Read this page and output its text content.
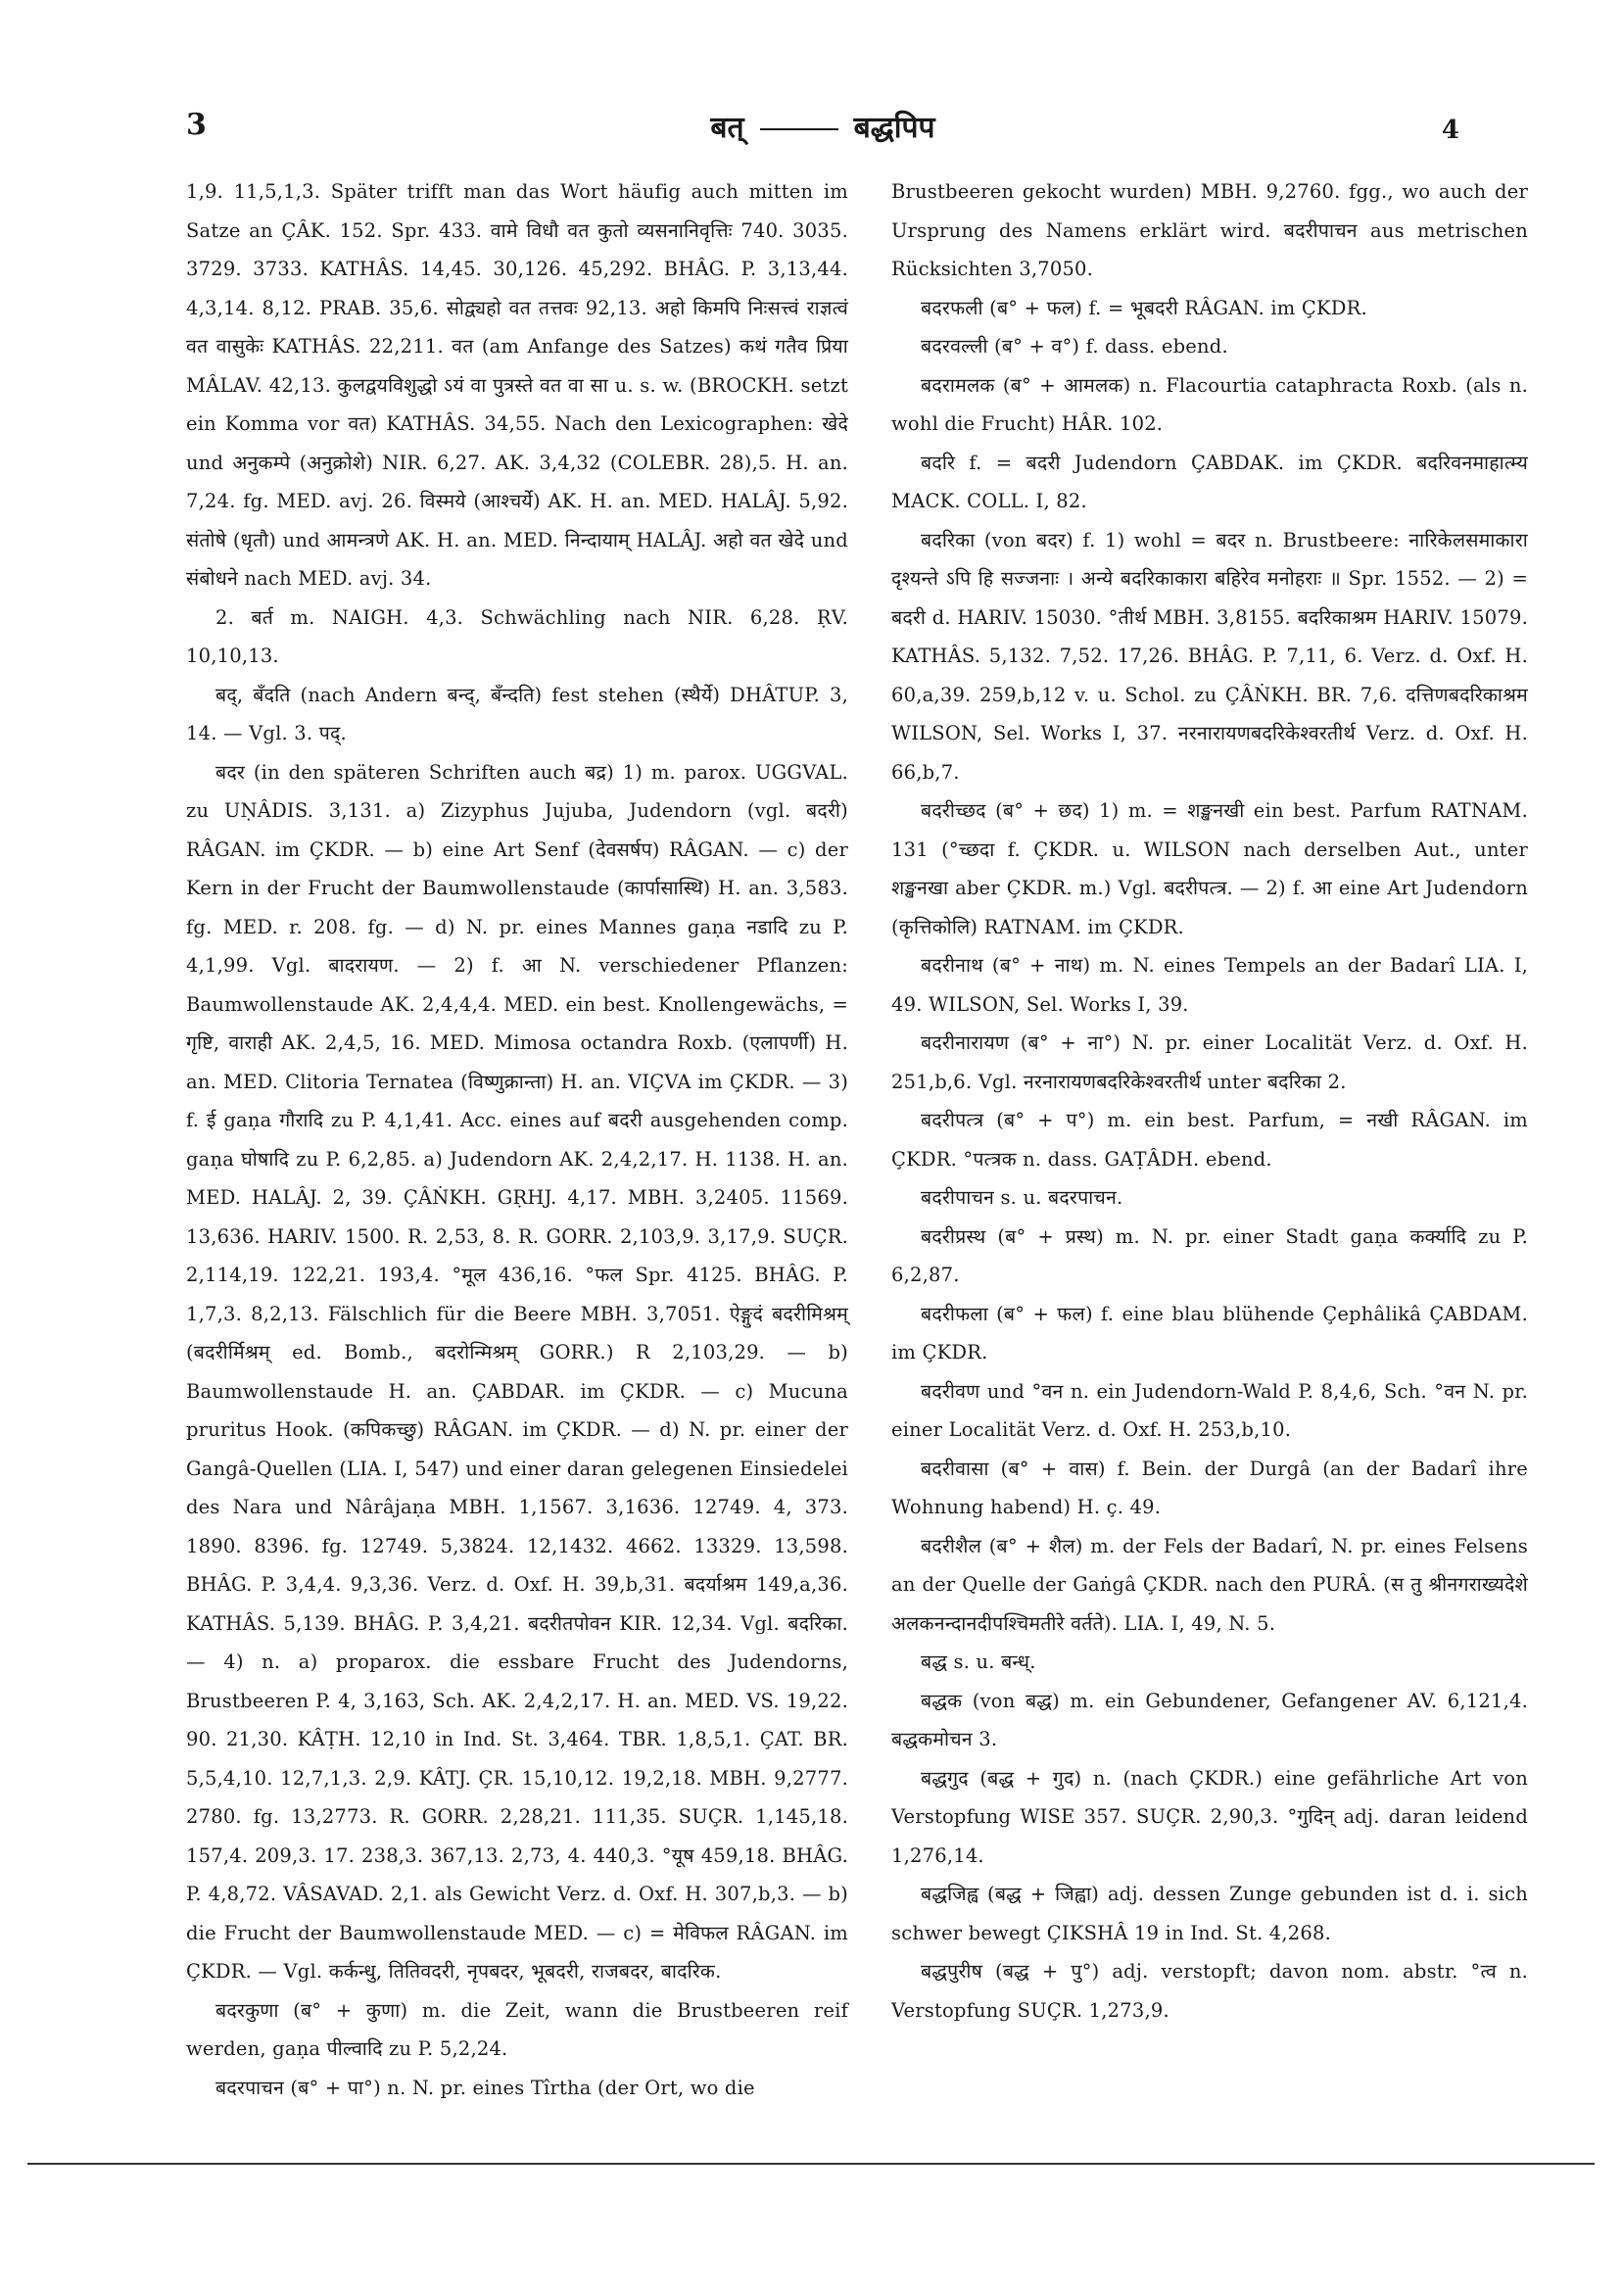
3	बत्	बद्धपिप	4

1,9. 11,5,1,3. Später trifft man das Wort häufig auch mitten im Satze an ÇÂK. 152. Spr. 433. वामे विधौ वत कुतो व्यसनानिवृत्तिः 740. 3035. 3729. 3733. KATHÂS. 14,45. 30,126. 45,292. BHÂG. P. 3,13,44. 4,3,14. 8,12. PRAB. 35,6. सोद्व्यहो वत तत्तवः 92,13. अहो किमपि निःसत्त्वं राज्ञत्वं वत वासुकेः KATHÂS. 22,211. वत (am Anfange des Satzes) कथं गतैव प्रिया MÂLAV. 42,13. कुलद्वयविशुद्धो ऽयं वा पुत्रस्ते वत वा सा u. s. w. (BROCKH. setzt ein Komma vor वत) KATHÂS. 34,55. Nach den Lexicographen: खेदे und अनुकम्पे (अनुक्रोशे) NIR. 6,27. AK. 3,4,32 (COLEBR. 28),5. H. an. 7,24. fg. MED. avj. 26. विस्मये (आश्चर्ये) AK. H. an. MED. HALÂJ. 5,92. संतोषे (धृतौ) und आमन्त्रणे AK. H. an. MED. निन्दायाम् HALÂJ. अहो वत खेदे und संबोधने nach MED. avj. 34.

2. बर्त m. NAIGH. 4,3. Schwächling nach NIR. 6,28. ṚV. 10,10,13.

बद्, बँदति (nach Andern बन्द्, बँन्दति) fest stehen (स्थैर्ये) DHÂTUP. 3, 14. — Vgl. 3. पद्.

बदर (in den späteren Schriften auch बद्र) 1) m. parox. UGGVAL. zu UṆÂDIS. 3,131. a) Zizyphus Jujuba, Judendorn (vgl. बदरी) RÂGAN. im ÇKDR. — b) eine Art Senf (देवसर्षप) RÂGAN. — c) der Kern in der Frucht der Baumwollenstaude (कार्पासास्थि) H. an. 3,583. fg. MED. r. 208. fg. — d) N. pr. eines Mannes gaṇa नडादि zu P. 4,1,99. Vgl. बादरायण. — 2) f. आ N. verschiedener Pflanzen: Baumwollenstaude AK. 2,4,4,4. MED. ein best. Knollengewächs, = गृष्टि, वाराही AK. 2,4,5, 16. MED. Mimosa octandra Roxb. (एलापर्णी) H. an. MED. Clitoria Ternatea (विष्णुक्रान्ता) H. an. VIÇVA im ÇKDR. — 3) f. ई gaṇa गौरादि zu P. 4,1,41. Acc. eines auf बदरी ausgehenden comp. gaṇa घोषादि zu P. 6,2,85. a) Judendorn AK. 2,4,2,17. H. 1138. H. an. MED. HALÂJ. 2, 39. ÇÂṄKH. GṚHJ. 4,17. MBH. 3,2405. 11569. 13,636. HARIV. 1500. R. 2,53, 8. R. GORR. 2,103,9. 3,17,9. SUÇR. 2,114,19. 122,21. 193,4. °मूल 436,16. °फल Spr. 4125. BHÂG. P. 1,7,3. 8,2,13. Fälschlich für die Beere MBH. 3,7051. ऐङ्गुदं बदरीमिश्रम् (बदरीर्मिश्रम् ed. Bomb., बदरोन्मिश्रम् GORR.) R 2,103,29. — b) Baumwollenstaude H. an. ÇABDAR. im ÇKDR. — c) Mucuna pruritus Hook. (कपिकच्छु) RÂGAN. im ÇKDR. — d) N. pr. einer der Gangâ-Quellen (LIA. I, 547) und einer daran gelegenen Einsiedelei des Nara und Nârâjaṇa MBH. 1,1567. 3,1636. 12749. 4, 373. 1890. 8396. fg. 12749. 5,3824. 12,1432. 4662. 13329. 13,598. BHÂG. P. 3,4,4. 9,3,36. Verz. d. Oxf. H. 39,b,31. बदर्याश्रम 149,a,36. KATHÂS. 5,139. BHÂG. P. 3,4,21. बदरीतपोवन KIR. 12,34. Vgl. बदरिका. — 4) n. a) proparox. die essbare Frucht des Judendorns, Brustbeeren P. 4, 3,163, Sch. AK. 2,4,2,17. H. an. MED. VS. 19,22. 90. 21,30. KÂṬH. 12,10 in Ind. St. 3,464. TBR. 1,8,5,1. ÇAT. BR. 5,5,4,10. 12,7,1,3. 2,9. KÂTJ. ÇR. 15,10,12. 19,2,18. MBH. 9,2777. 2780. fg. 13,2773. R. GORR. 2,28,21. 111,35. SUÇR. 1,145,18. 157,4. 209,3. 17. 238,3. 367,13. 2,73, 4. 440,3. °यूष 459,18. BHÂG. P. 4,8,72. VÂSAVAD. 2,1. als Gewicht Verz. d. Oxf. H. 307,b,3. — b) die Frucht der Baumwollenstaude MED. — c) = मेविफल RÂGAN. im ÇKDR. — Vgl. कर्कन्धु, तितिवदरी, नृपबदर, भूबदरी, राजबदर, बादरिक.

बदरकुणा (ब° + कुणा) m. die Zeit, wann die Brustbeeren reif werden, gaṇa पील्वादि zu P. 5,2,24.

बदरपाचन (ब° + पा°) n. N. pr. eines Tîrtha (der Ort, wo die

Brustbeeren gekocht wurden) MBH. 9,2760. fgg., wo auch der Ursprung des Namens erklärt wird. बदरीपाचन aus metrischen Rücksichten 3,7050.

बदरफली (ब° + फल) f. = भूबदरी RÂGAN. im ÇKDR.

बदरवल्ली (ब° + व°) f. dass. ebend.

बदरामलक (ब° + आमलक) n. Flacourtia cataphracta Roxb. (als n. wohl die Frucht) HÂR. 102.

बदरि f. = बदरी Judendorn ÇABDAK. im ÇKDR. बदरिवनमाहात्म्य MACK. COLL. I, 82.

बदरिका (von बदर) f. 1) wohl = बदर n. Brustbeere: नारिकेलसमाकारा दृश्यन्ते ऽपि हि सज्जनाः । अन्ये बदरिकाकारा बहिरेव मनोहराः ॥ Spr. 1552. — 2) = बदरी d. HARIV. 15030. °तीर्थ MBH. 3,8155. बदरिकाश्रम HARIV. 15079. KATHÂS. 5,132. 7,52. 17,26. BHÂG. P. 7,11, 6. Verz. d. Oxf. H. 60,a,39. 259,b,12 v. u. Schol. zu ÇÂṄKH. BR. 7,6. दत्तिणबदरिकाश्रम WILSON, Sel. Works I, 37. नरनारायणबदरिकेश्वरतीर्थ Verz. d. Oxf. H. 66,b,7.

बदरीच्छद (ब° + छद) 1) m. = शङ्खनखी ein best. Parfum RATNAM. 131 (°च्छदा f. ÇKDR. u. WILSON nach derselben Aut., unter शङ्खनखा aber ÇKDR. m.) Vgl. बदरीपत्त्र. — 2) f. आ eine Art Judendorn (कृत्तिकोलि) RATNAM. im ÇKDR.

बदरीनाथ (ब° + नाथ) m. N. eines Tempels an der Badarî LIA. I, 49. WILSON, Sel. Works I, 39.

बदरीनारायण (ब° + ना°) N. pr. einer Localität Verz. d. Oxf. H. 251,b,6. Vgl. नरनारायणबदरिकेश्वरतीर्थ unter बदरिका 2.

बदरीपत्त्र (ब° + प°) m. ein best. Parfum, = नखी RÂGAN. im ÇKDR. °पत्त्रक n. dass. GAṬÂDH. ebend.

बदरीपाचन s. u. बदरपाचन.

बदरीप्रस्थ (ब° + प्रस्थ) m. N. pr. einer Stadt gaṇa कर्क्यादि zu P. 6,2,87.

बदरीफला (ब° + फल) f. eine blau blühende Çephâlikâ ÇABDAM. im ÇKDR.

बदरीवण und °वन n. ein Judendorn-Wald P. 8,4,6, Sch. °वन N. pr. einer Localität Verz. d. Oxf. H. 253,b,10.

बदरीवासा (ब° + वास) f. Bein. der Durgâ (an der Badarî ihre Wohnung habend) H. ç. 49.

बदरीशैल (ब° + शैल) m. der Fels der Badarî, N. pr. eines Felsens an der Quelle der Gaṅgâ ÇKDR. nach den PURÂ. (स तु श्रीनगराख्यदेशे अलकनन्दानदीपश्चिमतीरे वर्तते). LIA. I, 49, N. 5.

बद्ध s. u. बन्ध्.

बद्धक (von बद्ध) m. ein Gebundener, Gefangener AV. 6,121,4. बद्धकमोचन 3.

बद्धगुद (बद्ध + गुद) n. (nach ÇKDR.) eine gefährliche Art von Verstopfung WISE 357. SUÇR. 2,90,3. °गुदिन् adj. daran leidend 1,276,14.

बद्धजिह्व (बद्ध + जिह्वा) adj. dessen Zunge gebunden ist d. i. sich schwer bewegt ÇIKSHÂ 19 in Ind. St. 4,268.

बद्धपुरीष (बद्ध + पु°) adj. verstopft; davon nom. abstr. °त्व n. Verstopfung SUÇR. 1,273,9.
